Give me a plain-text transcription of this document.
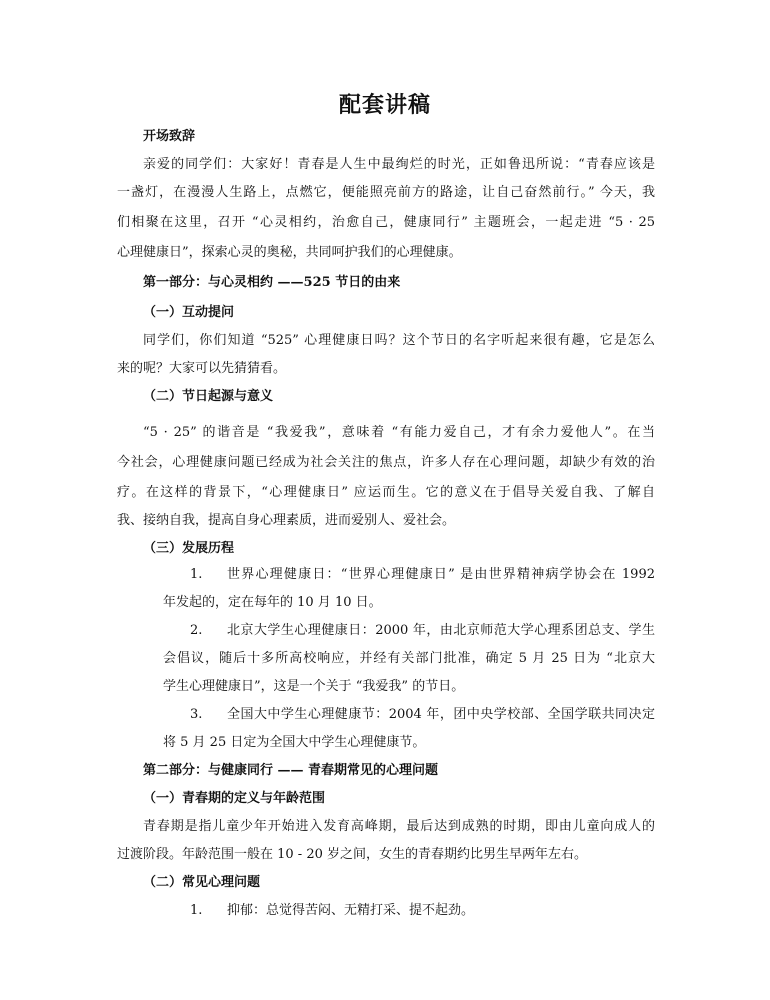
配套讲稿
开场致辞
亲爱的同学们：大家好！青春是人生中最绚烂的时光，正如鲁迅所说：“青春应该是
一盏灯，在漫漫人生路上，点燃它，便能照亮前方的路途，让自己奋然前行。” 今天，我
们相聚在这里，召开 “心灵相约，治愈自己，健康同行” 主题班会，一起走进 “5 · 25
心理健康日”，探索心灵的奥秘，共同呵护我们的心理健康。
第一部分：与心灵相约 ——525 节日的由来
（一）互动提问
同学们，你们知道 “525” 心理健康日吗？这个节日的名字听起来很有趣，它是怎么
来的呢？大家可以先猜猜看。
（二）节日起源与意义
“5 · 25” 的谐音是 “我爱我”，意味着 “有能力爱自己，才有余力爱他人”。在当
今社会，心理健康问题已经成为社会关注的焦点，许多人存在心理问题，却缺少有效的治
疗。在这样的背景下，“心理健康日” 应运而生。它的意义在于倡导关爱自我、了解自
我、接纳自我，提高自身心理素质，进而爱别人、爱社会。
（三）发展历程
1. 世界心理健康日：“世界心理健康日” 是由世界精神病学协会在 1992
年发起的，定在每年的 10 月 10 日。
2. 北京大学生心理健康日：2000 年，由北京师范大学心理系团总支、学生
会倡议，随后十多所高校响应，并经有关部门批准，确定 5 月 25 日为 “北京大
学生心理健康日”，这是一个关于 “我爱我” 的节日。
3. 全国大中学生心理健康节：2004 年，团中央学校部、全国学联共同决定
将 5 月 25 日定为全国大中学生心理健康节。
第二部分：与健康同行 —— 青春期常见的心理问题
（一）青春期的定义与年龄范围
青春期是指儿童少年开始进入发育高峰期，最后达到成熟的时期，即由儿童向成人的
过渡阶段。年龄范围一般在 10 - 20 岁之间，女生的青春期约比男生早两年左右。
（二）常见心理问题
1. 抑郁：总觉得苦闷、无精打采、提不起劲。
